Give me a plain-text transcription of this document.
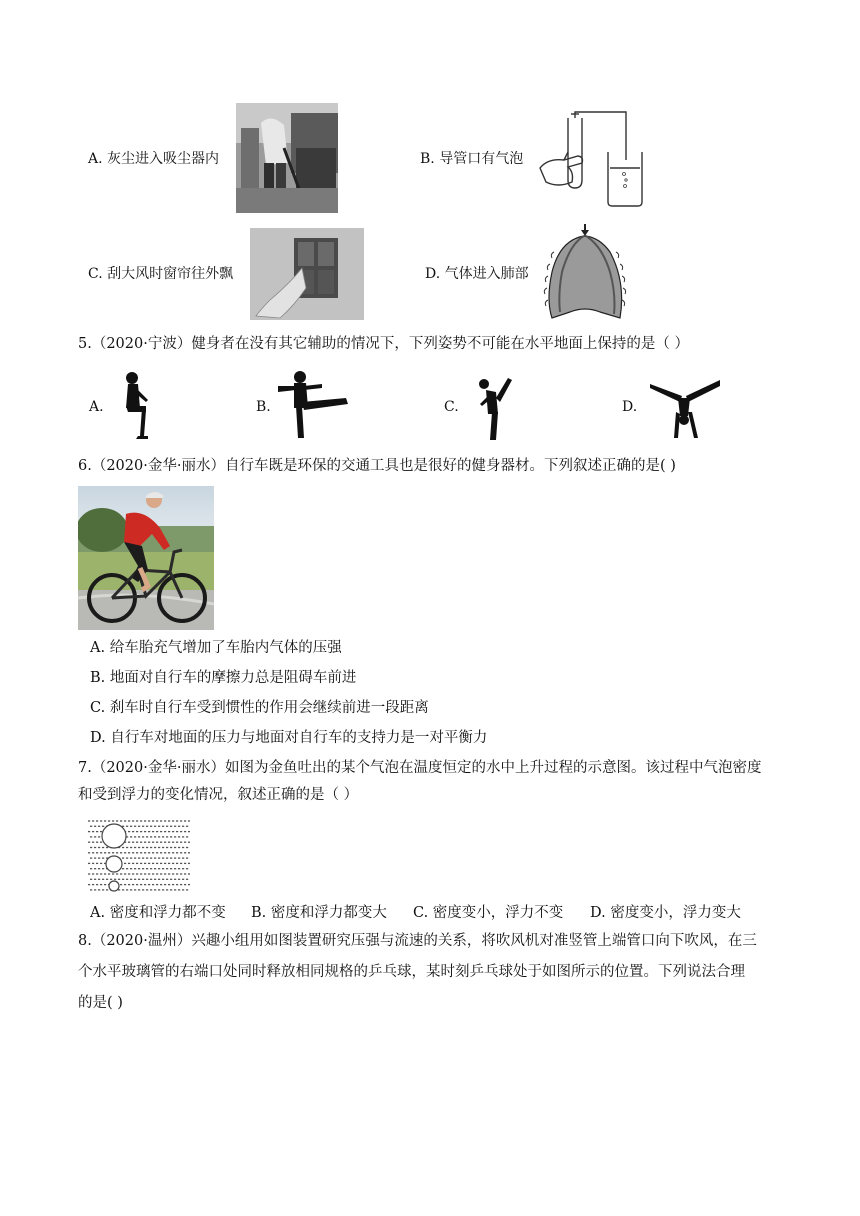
A. 灰尘进入吸尘器内	B. 导管口有气泡
C. 刮大风时窗帘往外飘	D. 气体进入肺部
5.（2020·宁波）健身者在没有其它辅助的情况下，下列姿势不可能在水平地面上保持的是（ ）
A.	B.	C.	D.
6.（2020·金华·丽水）自行车既是环保的交通工具也是很好的健身器材。下列叙述正确的是( )
A. 给车胎充气增加了车胎内气体的压强
B. 地面对自行车的摩擦力总是阻碍车前进
C. 刹车时自行车受到惯性的作用会继续前进一段距离
D. 自行车对地面的压力与地面对自行车的支持力是一对平衡力
7.（2020·金华·丽水）如图为金鱼吐出的某个气泡在温度恒定的水中上升过程的示意图。该过程中气泡密度
和受到浮力的变化情况，叙述正确的是（ ）
A. 密度和浮力都不变 B. 密度和浮力都变大 C. 密度变小，浮力不变 D. 密度变小，浮力变大
8.（2020·温州）兴趣小组用如图装置研究压强与流速的关系，将吹风机对准竖管上端管口向下吹风，在三
个水平玻璃管的右端口处同时释放相同规格的乒乓球，某时刻乒乓球处于如图所示的位置。下列说法合理
的是( )
